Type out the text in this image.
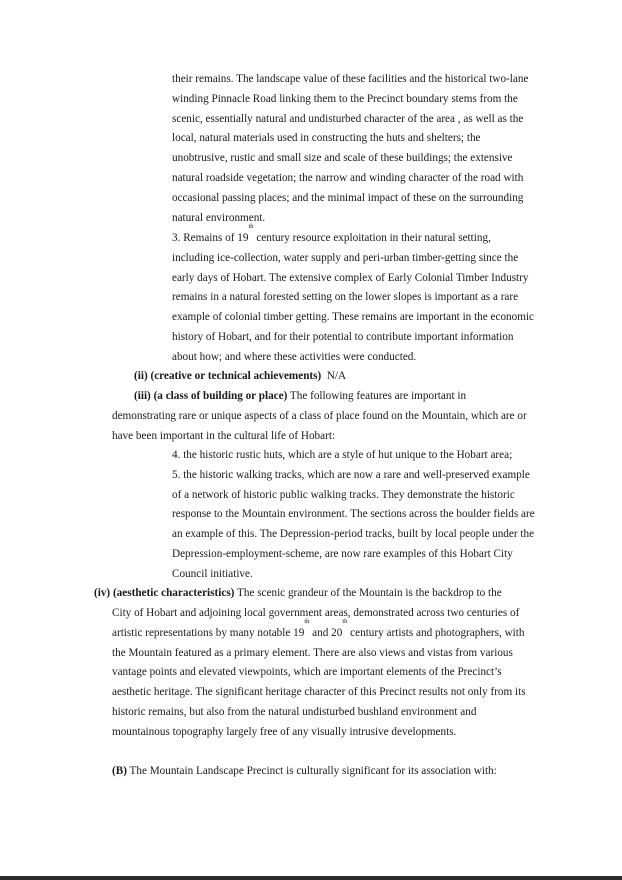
their remains. The landscape value of these facilities and the historical two-lane
winding Pinnacle Road linking them to the Precinct boundary stems from the
scenic, essentially natural and undisturbed character of the area , as well as the
local, natural materials used in constructing the huts and shelters; the
unobtrusive, rustic and small size and scale of these buildings; the extensive
natural roadside vegetation; the narrow and winding character of the road with
occasional passing places; and the minimal impact of these on the surrounding
natural environment.
3. Remains of 19th century resource exploitation in their natural setting,
including ice-collection, water supply and peri-urban timber-getting since the
early days of Hobart. The extensive complex of Early Colonial Timber Industry
remains in a natural forested setting on the lower slopes is important as a rare
example of colonial timber getting. These remains are important in the economic
history of Hobart, and for their potential to contribute important information
about how; and where these activities were conducted.
(ii) (creative or technical achievements)  N/A
(iii) (a class of building or place) The following features are important in
demonstrating rare or unique aspects of a class of place found on the Mountain, which are or
have been important in the cultural life of Hobart:
4. the historic rustic huts, which are a style of hut unique to the Hobart area;
5. the historic walking tracks, which are now a rare and well-preserved example
of a network of historic public walking tracks. They demonstrate the historic
response to the Mountain environment. The sections across the boulder fields are
an example of this. The Depression-period tracks, built by local people under the
Depression-employment-scheme, are now rare examples of this Hobart City
Council initiative.
(iv) (aesthetic characteristics) The scenic grandeur of the Mountain is the backdrop to the
City of Hobart and adjoining local government areas, demonstrated across two centuries of
artistic representations by many notable 19th and 20th century artists and photographers, with
the Mountain featured as a primary element. There are also views and vistas from various
vantage points and elevated viewpoints, which are important elements of the Precinct’s
aesthetic heritage. The significant heritage character of this Precinct results not only from its
historic remains, but also from the natural undisturbed bushland environment and
mountainous topography largely free of any visually intrusive developments.
(B) The Mountain Landscape Precinct is culturally significant for its association with:
